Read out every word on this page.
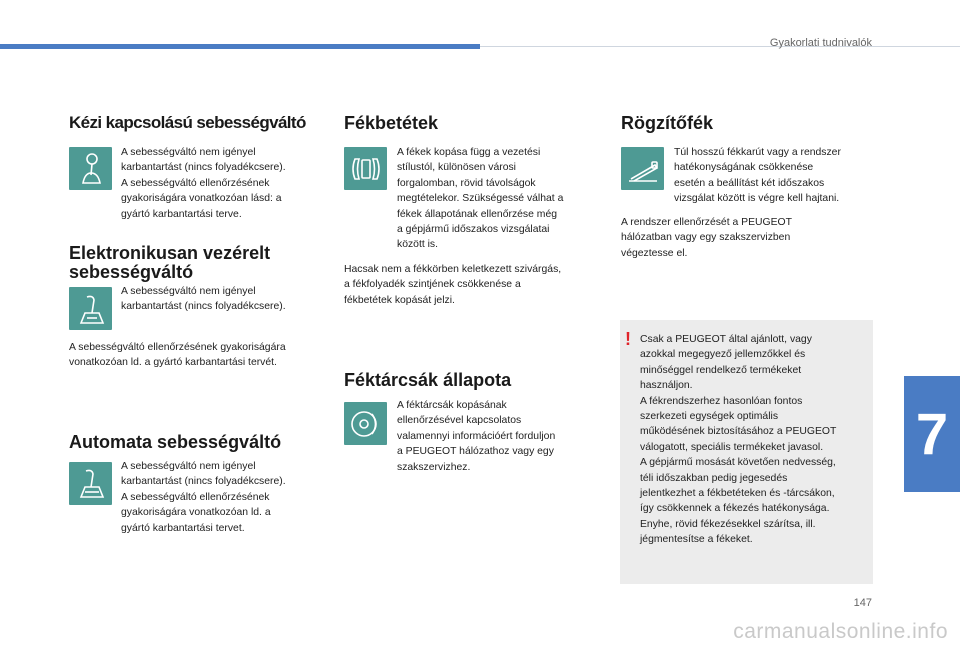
Gyakorlati tudnivalók
Kézi kapcsolású sebességváltó
A sebességváltó nem igényel
karbantartást (nincs folyadékcsere).
A sebességváltó ellenőrzésének
gyakoriságára vonatkozóan lásd: a
gyártó karbantartási terve.
Elektronikusan vezérelt
sebességváltó
A sebességváltó nem igényel
karbantartást (nincs folyadékcsere).
A sebességváltó ellenőrzésének gyakoriságára
vonatkozóan ld. a gyártó karbantartási tervét.
Automata sebességváltó
A sebességváltó nem igényel
karbantartást (nincs folyadékcsere).
A sebességváltó ellenőrzésének
gyakoriságára vonatkozóan ld. a
gyártó karbantartási tervet.
Fékbetétek
A fékek kopása függ a vezetési
stílustól, különösen városi
forgalomban, rövid távolságok
megtételekor. Szükségessé válhat a
fékek állapotának ellenőrzése még
a gépjármű időszakos vizsgálatai
között is.
Hacsak nem a fékkörben keletkezett szivárgás,
a fékfolyadék szintjének csökkenése a
fékbetétek kopását jelzi.
Féktárcsák állapota
A féktárcsák kopásának
ellenőrzésével kapcsolatos
valamennyi információért forduljon
a PEUGEOT hálózathoz vagy egy
szakszervizhez.
Rögzítőfék
Túl hosszú fékkarút vagy a rendszer
hatékonyságának csökkenése
esetén a beállítást két időszakos
vizsgálat között is végre kell hajtani.
A rendszer ellenőrzését a PEUGEOT
hálózatban vagy egy szakszervizben
végeztesse el.
! Csak a PEUGEOT által ajánlott, vagy
azokkal megegyező jellemzőkkel és
minőséggel rendelkező termékeket
használjon.
A fékrendszerhez hasonlóan fontos
szerkezeti egységek optimális
működésének biztosításához a PEUGEOT
válogatott, speciális termékeket javasol.
A gépjármű mosását követően nedvesség,
téli időszakban pedig jegesedés
jelentkezhet a fékbetéteken és -tárcsákon,
így csökkennek a fékezés hatékonysága.
Enyhe, rövid fékezésekkel szárítsa, ill.
jégmentesítse a fékeket.
7
147
carmanualsonline.info
